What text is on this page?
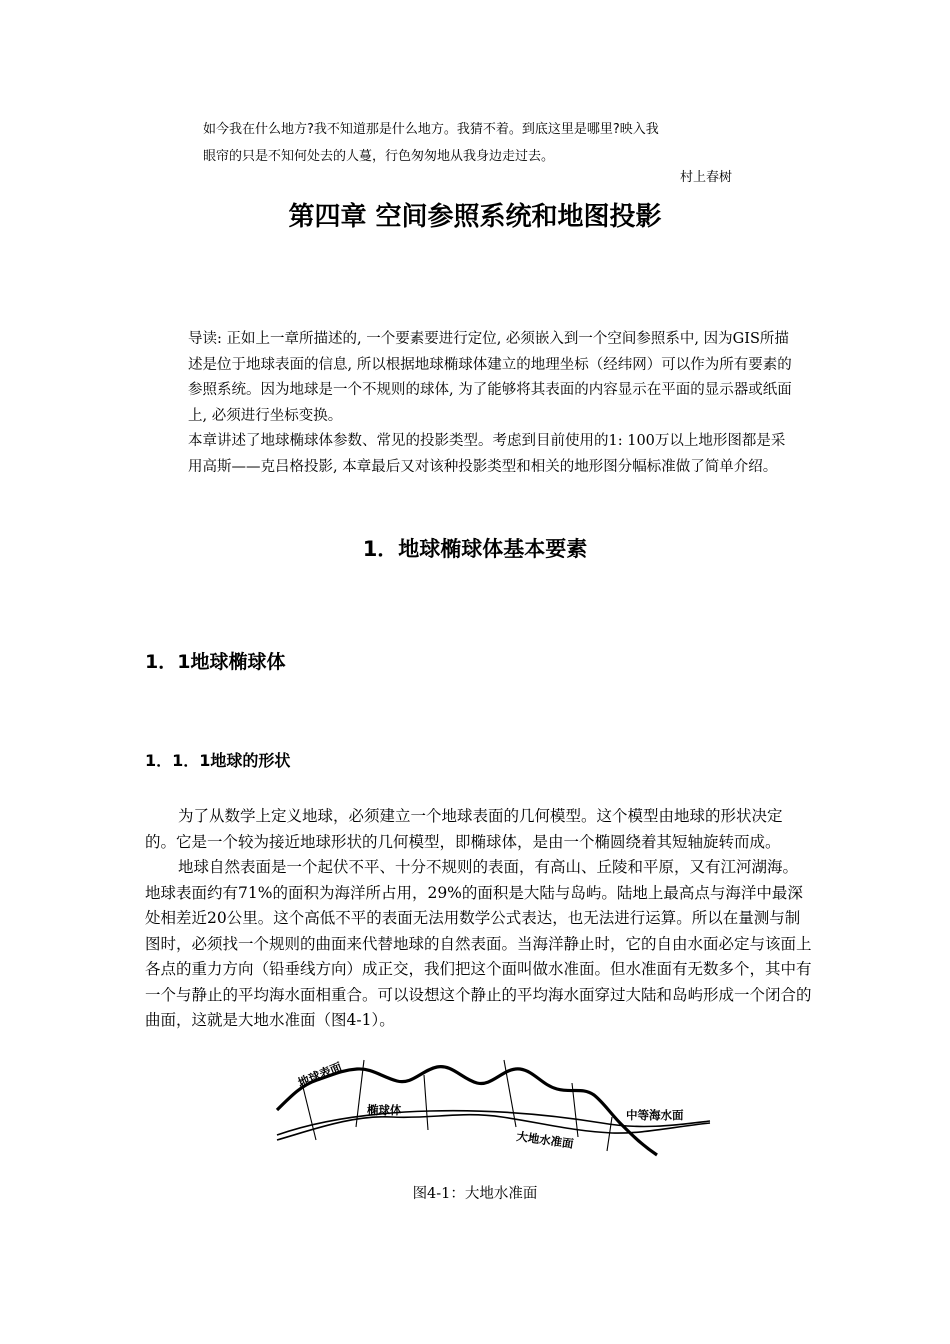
如今我在什么地方?我不知道那是什么地方。我猜不着。到底这里是哪里?映入我
眼帘的只是不知何处去的人蔓，行色匆匆地从我身边走过去。
村上春树
第四章 空间参照系统和地图投影

导读: 正如上一章所描述的, 一个要素要进行定位, 必须嵌入到一个空间参照系中, 因为GIS所描述是位于地球表面的信息, 所以根据地球椭球体建立的地理坐标（经纬网）可以作为所有要素的参照系统。因为地球是一个不规则的球体, 为了能够将其表面的内容显示在平面的显示器或纸面上, 必须进行坐标变换。

本章讲述了地球椭球体参数、常见的投影类型。考虑到目前使用的1: 100万以上地形图都是采用高斯——克吕格投影, 本章最后又对该种投影类型和相关的地形图分幅标准做了简单介绍。

1．地球椭球体基本要素
1．1地球椭球体
1．1．1地球的形状

为了从数学上定义地球，必须建立一个地球表面的几何模型。这个模型由地球的形状决定的。它是一个较为接近地球形状的几何模型，即椭球体，是由一个椭圆绕着其短轴旋转而成。

地球自然表面是一个起伏不平、十分不规则的表面，有高山、丘陵和平原，又有江河湖海。地球表面约有71%的面积为海洋所占用，29%的面积是大陆与岛屿。陆地上最高点与海洋中最深处相差近20公里。这个高低不平的表面无法用数学公式表达，也无法进行运算。所以在量测与制图时，必须找一个规则的曲面来代替地球的自然表面。当海洋静止时，它的自由水面必定与该面上各点的重力方向（铅垂线方向）成正交，我们把这个面叫做水准面。但水准面有无数多个，其中有一个与静止的平均海水面相重合。可以设想这个静止的平均海水面穿过大陆和岛屿形成一个闭合的曲面，这就是大地水准面（图4-1）。

地球表面
椭球体
大地水准面
中等海水面
图4-1：大地水准面
